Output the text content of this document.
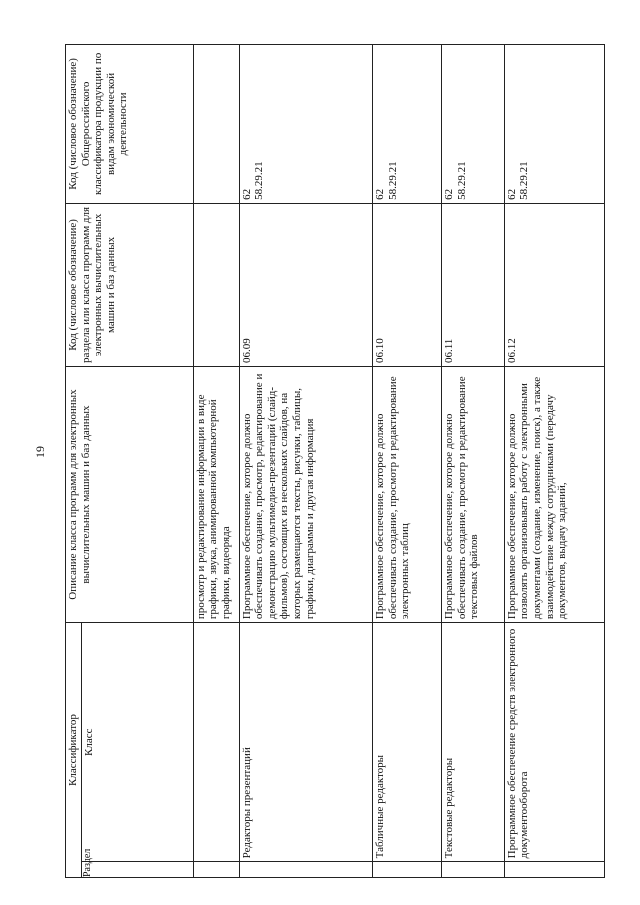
19
Классификатор		Описание класса программ для электронных вычислительных машин и баз данных	Код (числовое обозначение) раздела или класса программ для электронных вычислительных машин и баз данных	Код (числовое обозначение) Общероссийского классификатора продукции по видам экономической деятельности
Раздел	Класс			
		просмотр и редактирование информации в виде графики, звука, анимированной компьютерной графики, видеоряда		

	Редакторы презентаций	Программное обеспечение, которое должно обеспечивать создание, просмотр, редактирование и демонстрацию мультимедиа-презентаций (слайд-фильмов), состоящих из нескольких слайдов, на которых размещаются тексты, рисунки, таблицы, графики, диаграммы и другая информация	06.09	62 58.29.21

	Табличные редакторы	Программное обеспечение, которое должно обеспечивать создание, просмотр и редактирование электронных таблиц	06.10	62 58.29.21

	Текстовые редакторы	Программное обеспечение, которое должно обеспечивать создание, просмотр и редактирование текстовых файлов	06.11	62 58.29.21

	Программное обеспечение средств электронного документооборота	Программное обеспечение, которое должно позволять организовывать работу с электронными документами (создание, изменение, поиск), а также взаимодействие между сотрудниками (передачу документов, выдачу заданий,	06.12	62 58.29.21
